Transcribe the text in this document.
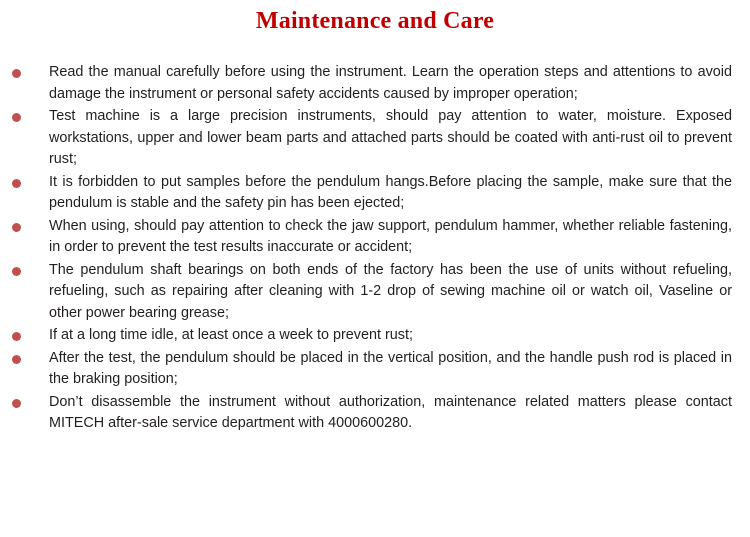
Maintenance and Care
Read the manual carefully before using the instrument. Learn the operation steps and attentions to avoid damage the instrument or personal safety accidents caused by improper operation;
Test machine is a large precision instruments, should pay attention to water, moisture. Exposed workstations, upper and lower beam parts and attached parts should be coated with anti-rust oil to prevent rust;
It is forbidden to put samples before the pendulum hangs.Before placing the sample, make sure that the pendulum is stable and the safety pin has been ejected;
When using, should pay attention to check the jaw support, pendulum hammer, whether reliable fastening, in order to prevent the test results inaccurate or accident;
The pendulum shaft bearings on both ends of the factory has been the use of units without refueling, refueling, such as repairing after cleaning with 1-2 drop of sewing machine oil or watch oil, Vaseline or other power bearing grease;
If at a long time idle, at least once a week to prevent rust;
After the test, the pendulum should be placed in the vertical position, and the handle push rod is placed in the braking position;
Don’t disassemble the instrument without authorization, maintenance related matters please contact MITECH after-sale service department with 4000600280.
